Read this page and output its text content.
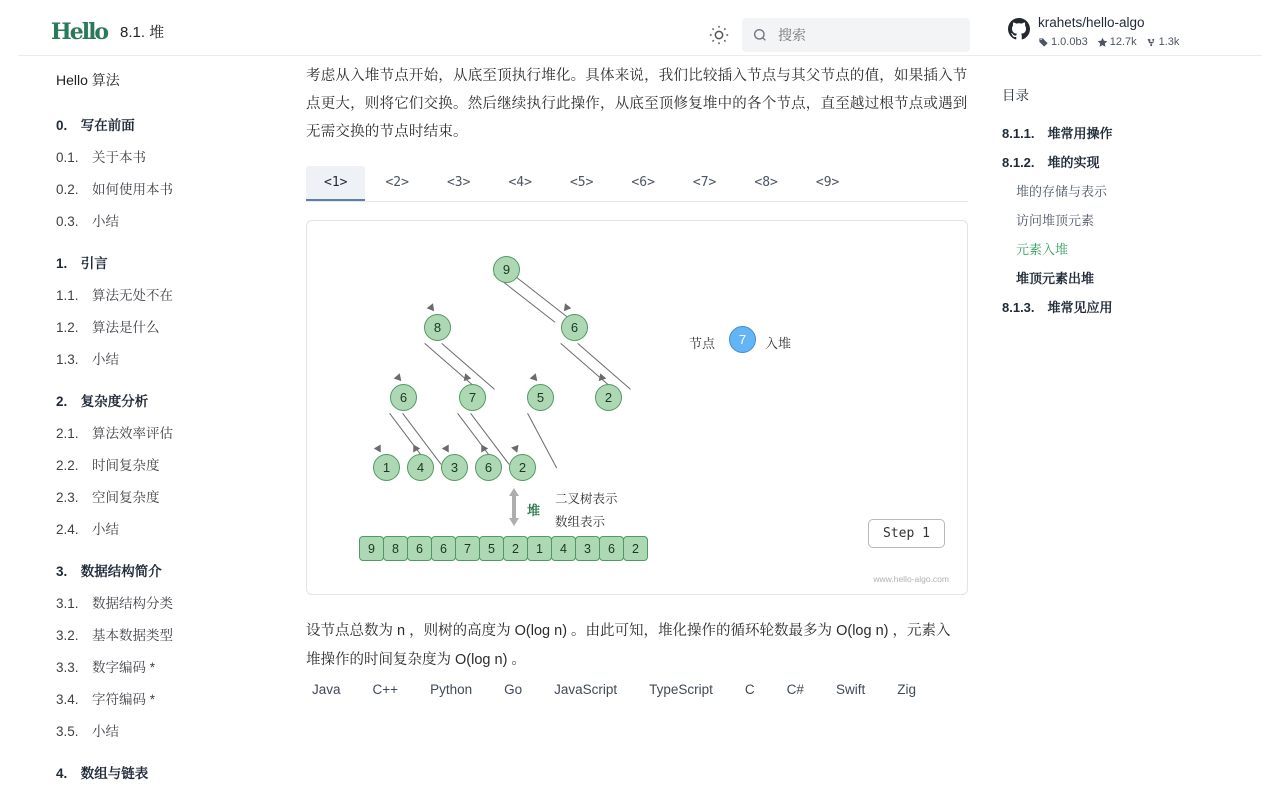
Hello 8.1. 堆
搜索
krahets/hello-algo
1.0.0b3 12.7k 1.3k
Hello 算法
0.　写在前面
0.1.　关于本书
0.2.　如何使用本书
0.3.　小结
1.　引言
1.1.　算法无处不在
1.2.　算法是什么
1.3.　小结
2.　复杂度分析
2.1.　算法效率评估
2.2.　时间复杂度
2.3.　空间复杂度
2.4.　小结
3.　数据结构简介
3.1.　数据结构分类
3.2.　基本数据类型
3.3.　数字编码 *
3.4.　字符编码 *
3.5.　小结
4.　数组与链表
考虑从入堆节点开始，从底至顶执行堆化。具体来说，我们比较插入节点与其父节点的值，如果插入节点更大，则将它们交换。然后继续执行此操作，从底至顶修复堆中的各个节点，直至越过根节点或遇到无需交换的节点时结束。
<1>	<2>	<3>	<4>	<5>	<6>	<7>	<8>	<9>
9
8	6
6	7	5	2
1	4	3	6	2
节点	7	入堆
堆
二叉树表示
数组表示
9	8	6	6	7	5	2	1	4	3	6	2
Step 1
www.hello-algo.com
设节点总数为 n ，则树的高度为 O(log n) 。由此可知，堆化操作的循环轮数最多为 O(log n) ，元素入
堆操作的时间复杂度为 O(log n) 。
Java	C++	Python	Go	JavaScript	TypeScript	C	C#	Swift	Zig
目录
8.1.1.　堆常用操作
8.1.2.　堆的实现
堆的存储与表示
访问堆顶元素
元素入堆
堆顶元素出堆
8.1.3.　堆常见应用
